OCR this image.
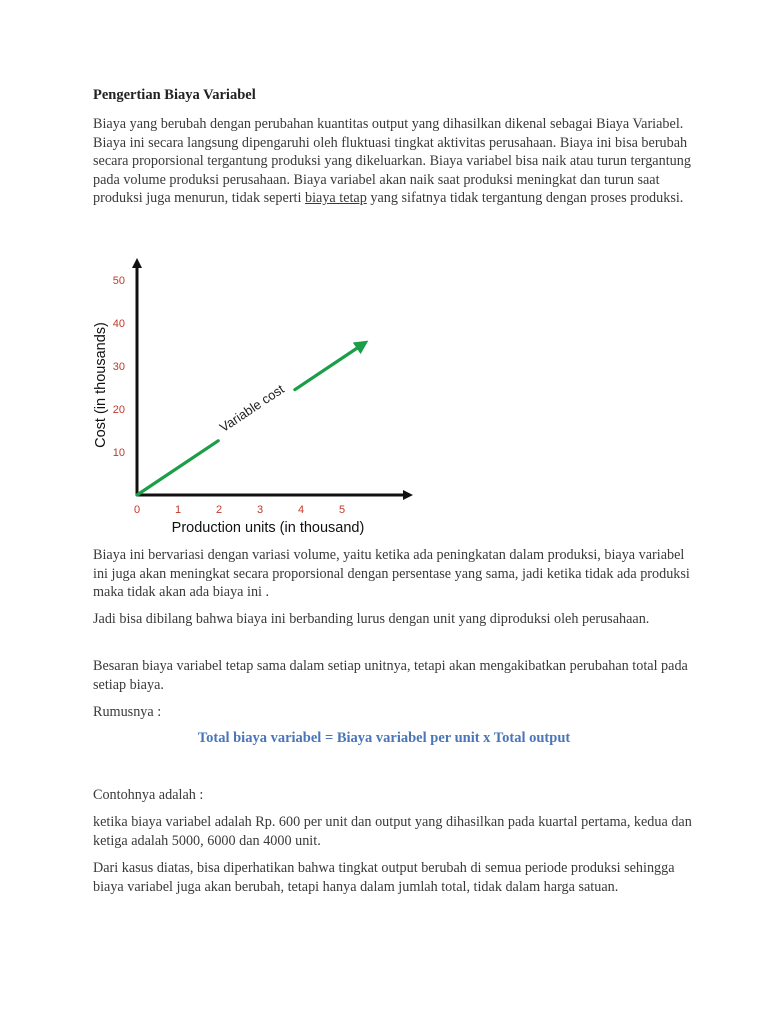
Pengertian Biaya Variabel

Biaya yang berubah dengan perubahan kuantitas output yang dihasilkan dikenal sebagai Biaya Variabel. Biaya ini secara langsung dipengaruhi oleh fluktuasi tingkat aktivitas perusahaan. Biaya ini bisa berubah secara proporsional tergantung produksi yang dikeluarkan. Biaya variabel bisa naik atau turun tergantung pada volume produksi perusahaan. Biaya variabel akan naik saat produksi meningkat dan turun saat produksi juga menurun, tidak seperti biaya tetap yang sifatnya tidak tergantung dengan proses produksi.

0	1	2	3	4	5
10
20
30
40
50
Variable cost
Production units (in thousand)
Cost (in thousands)

Biaya ini bervariasi dengan variasi volume, yaitu ketika ada peningkatan dalam produksi, biaya variabel ini juga akan meningkat secara proporsional dengan persentase yang sama, jadi ketika tidak ada produksi maka tidak akan ada biaya ini .

Jadi bisa dibilang bahwa biaya ini berbanding lurus dengan unit yang diproduksi oleh perusahaan.

Besaran biaya variabel tetap sama dalam setiap unitnya, tetapi akan mengakibatkan perubahan total pada setiap biaya.

Rumusnya :

Total biaya variabel = Biaya variabel per unit x Total output

Contohnya adalah :

ketika biaya variabel adalah Rp. 600 per unit dan output yang dihasilkan pada kuartal pertama, kedua dan ketiga adalah 5000, 6000 dan 4000 unit.

Dari kasus diatas, bisa diperhatikan bahwa tingkat output berubah di semua periode produksi sehingga biaya variabel juga akan berubah, tetapi hanya dalam jumlah total, tidak dalam harga satuan.
